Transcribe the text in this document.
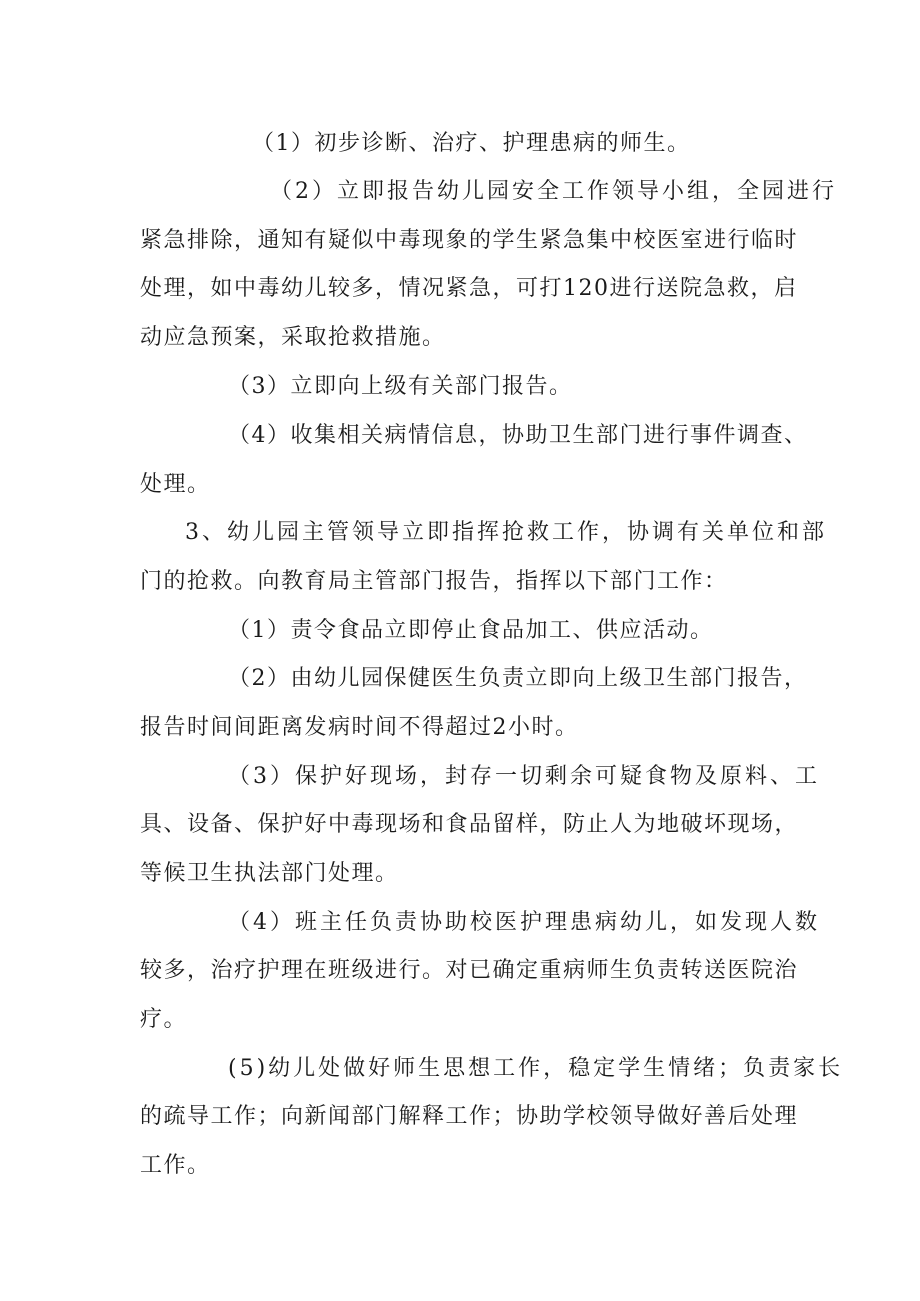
（1）初步诊断、治疗、护理患病的师生。
（2）立即报告幼儿园安全工作领导小组，全园进行
紧急排除，通知有疑似中毒现象的学生紧急集中校医室进行临时
处理，如中毒幼儿较多，情况紧急，可打120进行送院急救，启
动应急预案，采取抢救措施。
（3）立即向上级有关部门报告。
（4）收集相关病情信息，协助卫生部门进行事件调查、
处理。
3、幼儿园主管领导立即指挥抢救工作，协调有关单位和部
门的抢救。向教育局主管部门报告，指挥以下部门工作：
（1）责令食品立即停止食品加工、供应活动。
（2）由幼儿园保健医生负责立即向上级卫生部门报告，
报告时间间距离发病时间不得超过2小时。
（3）保护好现场，封存一切剩余可疑食物及原料、工
具、设备、保护好中毒现场和食品留样，防止人为地破坏现场，
等候卫生执法部门处理。
（4）班主任负责协助校医护理患病幼儿，如发现人数
较多，治疗护理在班级进行。对已确定重病师生负责转送医院治
疗。
(5)幼儿处做好师生思想工作，稳定学生情绪；负责家长
的疏导工作；向新闻部门解释工作；协助学校领导做好善后处理
工作。
